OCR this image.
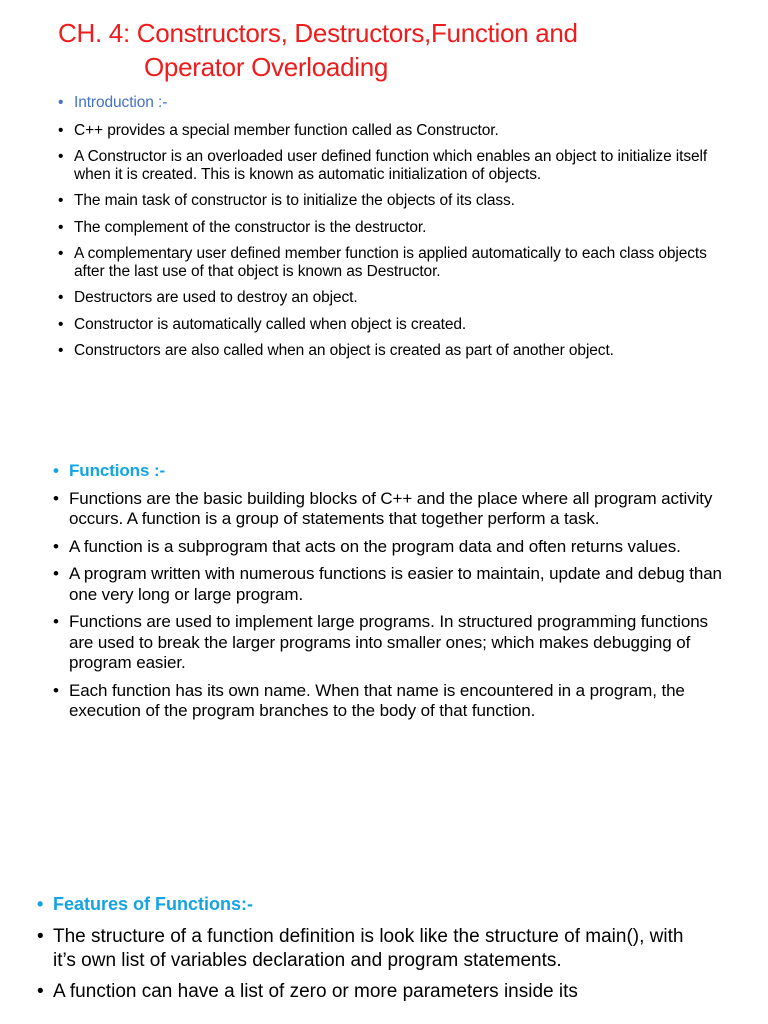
CH. 4: Constructors, Destructors,Function and
Operator Overloading
• Introduction :-
• C++ provides a special member function called as Constructor.
• A Constructor is an overloaded user defined function which enables an object to initialize itself when it is created. This is known as automatic initialization of objects.
• The main task of constructor is to initialize the objects of its class.
• The complement of the constructor is the destructor.
• A complementary user defined member function is applied automatically to each class objects after the last use of that object is known as Destructor.
• Destructors are used to destroy an object.
• Constructor is automatically called when object is created.
• Constructors are also called when an object is created as part of another object.
• Functions :-
• Functions are the basic building blocks of C++ and the place where all program activity occurs. A function is a group of statements that together perform a task.
• A function is a subprogram that acts on the program data and often returns values.
• A program written with numerous functions is easier to maintain, update and debug than one very long or large program.
• Functions are used to implement large programs. In structured programming functions are used to break the larger programs into smaller ones; which makes debugging of program easier.
• Each function has its own name. When that name is encountered in a program, the execution of the program branches to the body of that function.
• Features of Functions:-
• The structure of a function definition is look like the structure of main(), with it’s own list of variables declaration and program statements.
• A function can have a list of zero or more parameters inside its
